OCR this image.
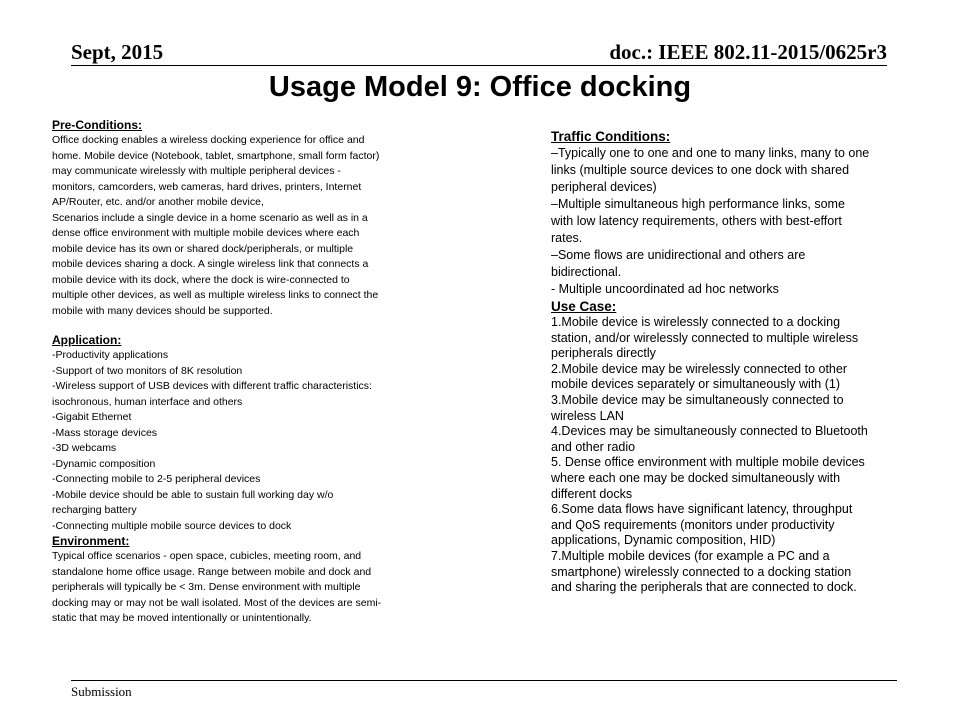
Sept, 2015	doc.: IEEE 802.11-2015/0625r3
Usage Model 9: Office docking

Pre-Conditions:

Office docking enables a wireless docking experience for office and
home. Mobile device (Notebook, tablet, smartphone, small form factor)
may communicate wirelessly with multiple peripheral devices -
monitors, camcorders, web cameras, hard drives, printers, Internet
AP/Router, etc. and/or another mobile device,
Scenarios include a single device in a home scenario as well as in a
dense office environment with multiple mobile devices where each
mobile device has its own or shared dock/peripherals, or multiple
mobile devices sharing a dock. A single wireless link that connects a
mobile device with its dock, where the dock is wire-connected to
multiple other devices, as well as multiple wireless links to connect the
mobile with many devices should be supported.

Application:

-Productivity applications
-Support of two monitors of 8K resolution
-Wireless support of USB devices with different traffic characteristics:
isochronous, human interface and others
-Gigabit Ethernet
-Mass storage devices
-3D webcams
-Dynamic composition
-Connecting mobile to 2-5 peripheral devices
-Mobile device should be able to sustain full working day w/o
recharging battery
-Connecting multiple mobile source devices to dock

Environment:

Typical office scenarios - open space, cubicles, meeting room, and
standalone home office usage. Range between mobile and dock and
peripherals will typically be < 3m. Dense environment with multiple
docking may or may not be wall isolated. Most of the devices are semi-
static that may be moved intentionally or unintentionally.

Traffic Conditions:

–Typically one to one and one to many links, many to one
links (multiple source devices to one dock with shared
peripheral devices)
–Multiple simultaneous high performance links, some
with low latency requirements, others with best-effort
rates.
–Some flows are unidirectional and others are
bidirectional.
- Multiple uncoordinated ad hoc networks

Use Case:

1.Mobile device is wirelessly connected to a docking
station, and/or wirelessly connected to multiple wireless
peripherals directly
2.Mobile device may be wirelessly connected to other
mobile devices separately or simultaneously with (1)
3.Mobile device may be simultaneously connected to
wireless LAN
4.Devices may be simultaneously connected to Bluetooth
and other radio
5. Dense office environment with multiple mobile devices
where each one may be docked simultaneously with
different docks
6.Some data flows have significant latency, throughput
and QoS requirements (monitors under productivity
applications, Dynamic composition, HID)
7.Multiple mobile devices (for example a PC and a
smartphone) wirelessly connected to a docking station
and sharing the peripherals that are connected to dock.

Submission
